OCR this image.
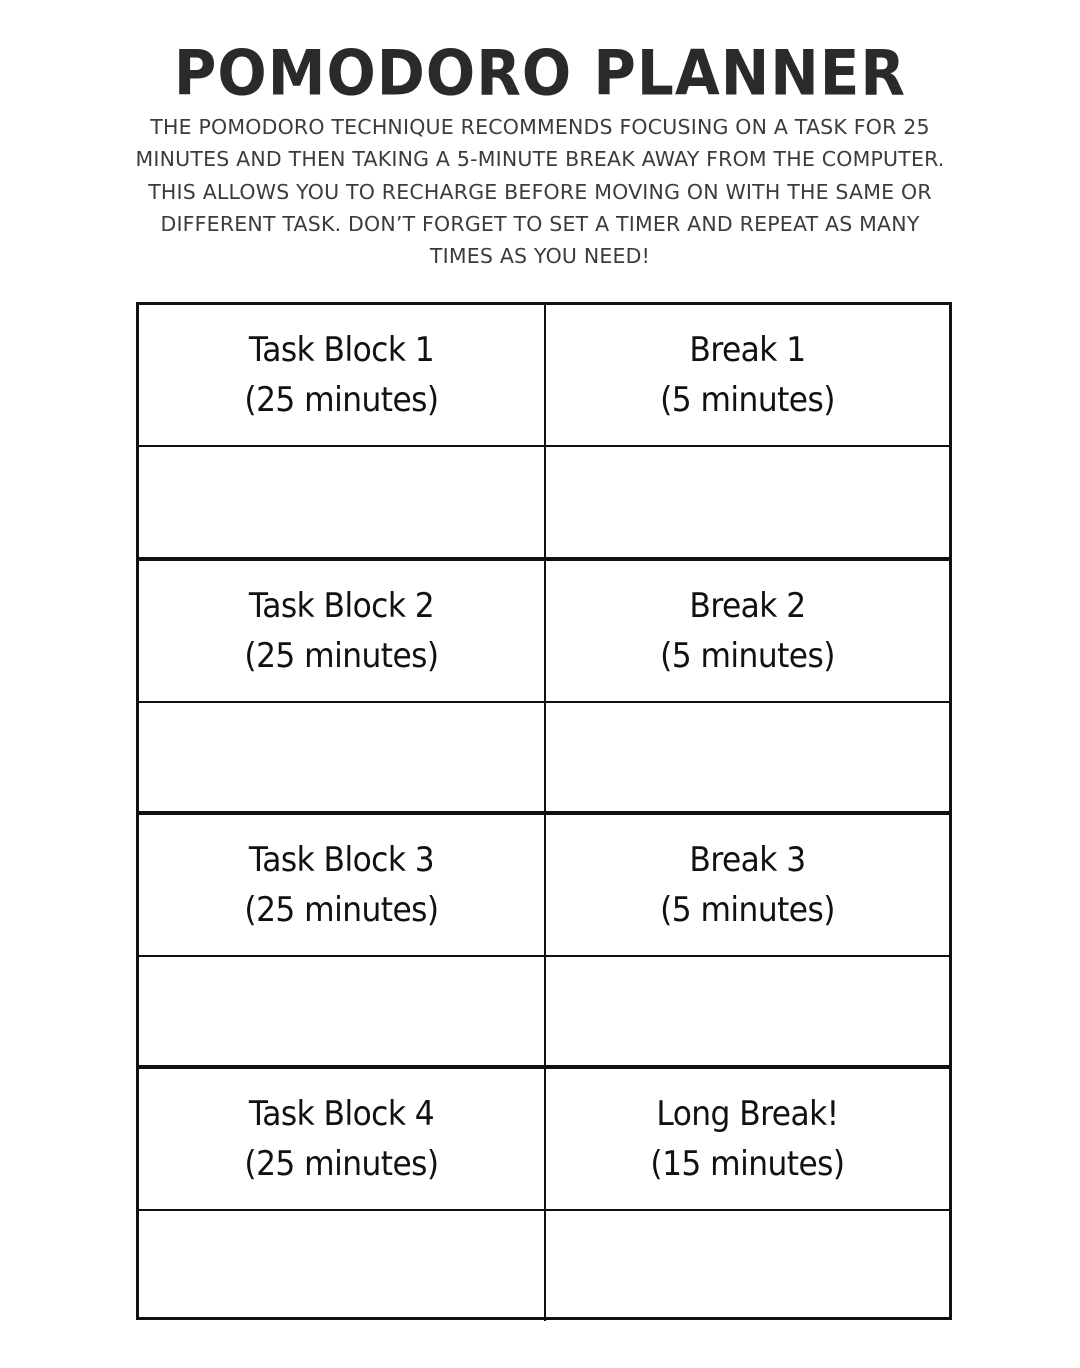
POMODORO PLANNER
THE POMODORO TECHNIQUE RECOMMENDS FOCUSING ON A TASK FOR 25
MINUTES AND THEN TAKING A 5-MINUTE BREAK AWAY FROM THE COMPUTER.
THIS ALLOWS YOU TO RECHARGE BEFORE MOVING ON WITH THE SAME OR
DIFFERENT TASK. DON’T FORGET TO SET A TIMER AND REPEAT AS MANY
TIMES AS YOU NEED!
Task Block 1
(25 minutes)
Break 1
(5 minutes)
Task Block 2
(25 minutes)
Break 2
(5 minutes)
Task Block 3
(25 minutes)
Break 3
(5 minutes)
Task Block 4
(25 minutes)
Long Break!
(15 minutes)
